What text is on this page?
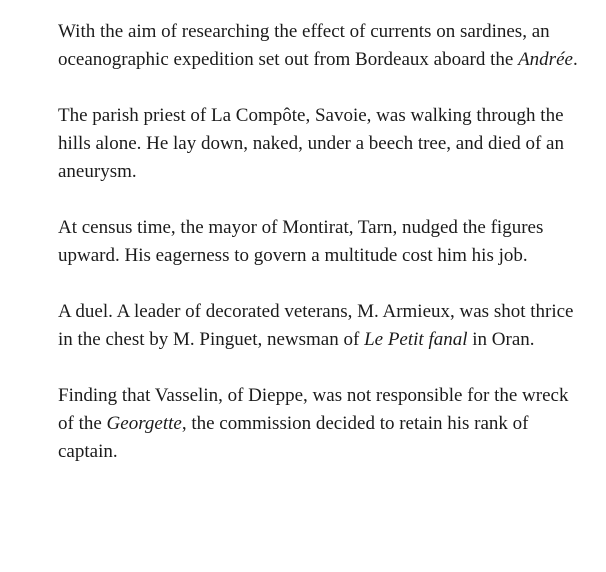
With the aim of researching the effect of currents on sardines, an oceanographic expedition set out from Bordeaux aboard the Andrée.

The parish priest of La Compôte, Savoie, was walking through the hills alone. He lay down, naked, under a beech tree, and died of an aneurysm.

At census time, the mayor of Montirat, Tarn, nudged the figures upward. His eagerness to govern a multitude cost him his job.

A duel. A leader of decorated veterans, M. Armieux, was shot thrice in the chest by M. Pinguet, newsman of Le Petit fanal in Oran.

Finding that Vasselin, of Dieppe, was not responsible for the wreck of the Georgette, the commission decided to retain his rank of captain.
